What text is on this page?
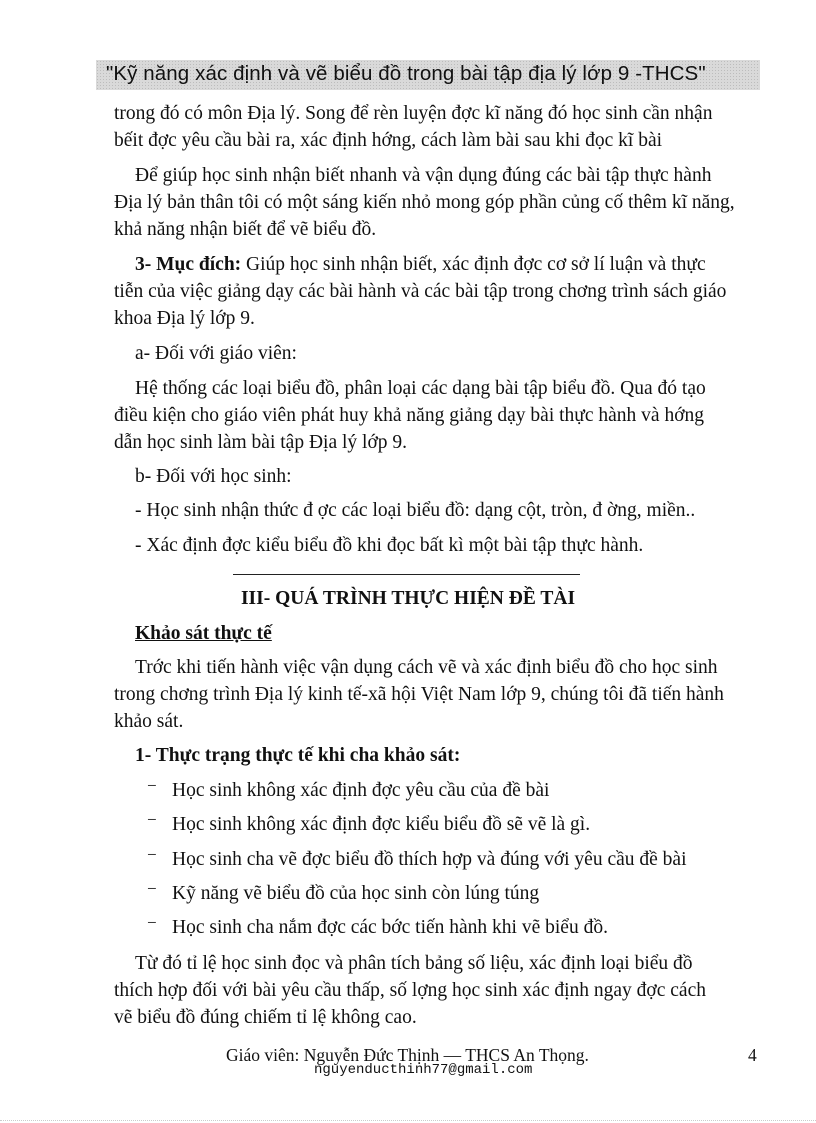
"Kỹ năng xác định và vẽ biểu đồ trong bài tập địa lý lớp 9 -THCS"
trong đó có môn Địa lý. Song để rèn luyện đợc kĩ năng đó học sinh cần nhận
bếit đợc yêu cầu bài ra, xác định hớng, cách làm bài sau khi đọc kĩ bài
Để giúp học sinh nhận biết nhanh và vận dụng đúng các bài tập thực hành
Địa lý bản thân tôi có một sáng kiến nhỏ mong góp phần củng cố thêm kĩ năng,
khả năng nhận biết để vẽ biểu đồ.
3- Mục đích: Giúp học sinh nhận biết, xác định đợc cơ sở lí luận và thực
tiễn của việc giảng dạy các bài hành và các bài tập trong chơng trình sách giáo
khoa Địa lý lớp 9.
a- Đối với giáo viên:
Hệ thống các loại biểu đồ, phân loại các dạng bài tập biểu đồ. Qua đó tạo
điều kiện cho giáo viên phát huy khả năng giảng dạy bài thực hành và hớng
dẫn học sinh làm bài tập Địa lý lớp 9.
b- Đối với học sinh:
- Học sinh nhận thức đ ợc các loại biểu đồ: dạng cột, tròn, đ ờng, miền..
- Xác định đợc kiểu biểu đồ khi đọc bất kì một bài tập thực hành.
III- QUÁ TRÌNH THỰC HIỆN ĐỀ TÀI
Khảo sát thực tế
Trớc khi tiến hành việc vận dụng cách vẽ và xác định biểu đồ cho học sinh
trong chơng trình Địa lý kinh tế-xã hội Việt Nam lớp 9, chúng tôi đã tiến hành
khảo sát.
1- Thực trạng thực tế khi cha khảo sát:
− Học sinh không xác định đợc yêu cầu của đề bài
− Học sinh không xác định đợc kiểu biểu đồ sẽ vẽ là gì.
− Học sinh cha vẽ đợc biểu đồ thích hợp và đúng với yêu cầu đề bài
− Kỹ năng vẽ biểu đồ của học sinh còn lúng túng
− Học sinh cha nắm đợc các bớc tiến hành khi vẽ biểu đồ.
Từ đó tỉ lệ học sinh đọc và phân tích bảng số liệu, xác định loại biểu đồ
thích hợp đối với bài yêu cầu thấp, số lợng học sinh xác định ngay đợc cách
vẽ biểu đồ đúng chiếm tỉ lệ không cao.
Giáo viên: Nguyễn Đức Thịnh — THCS An Thọng.	4
nguyenducthinh77@gmail.com
